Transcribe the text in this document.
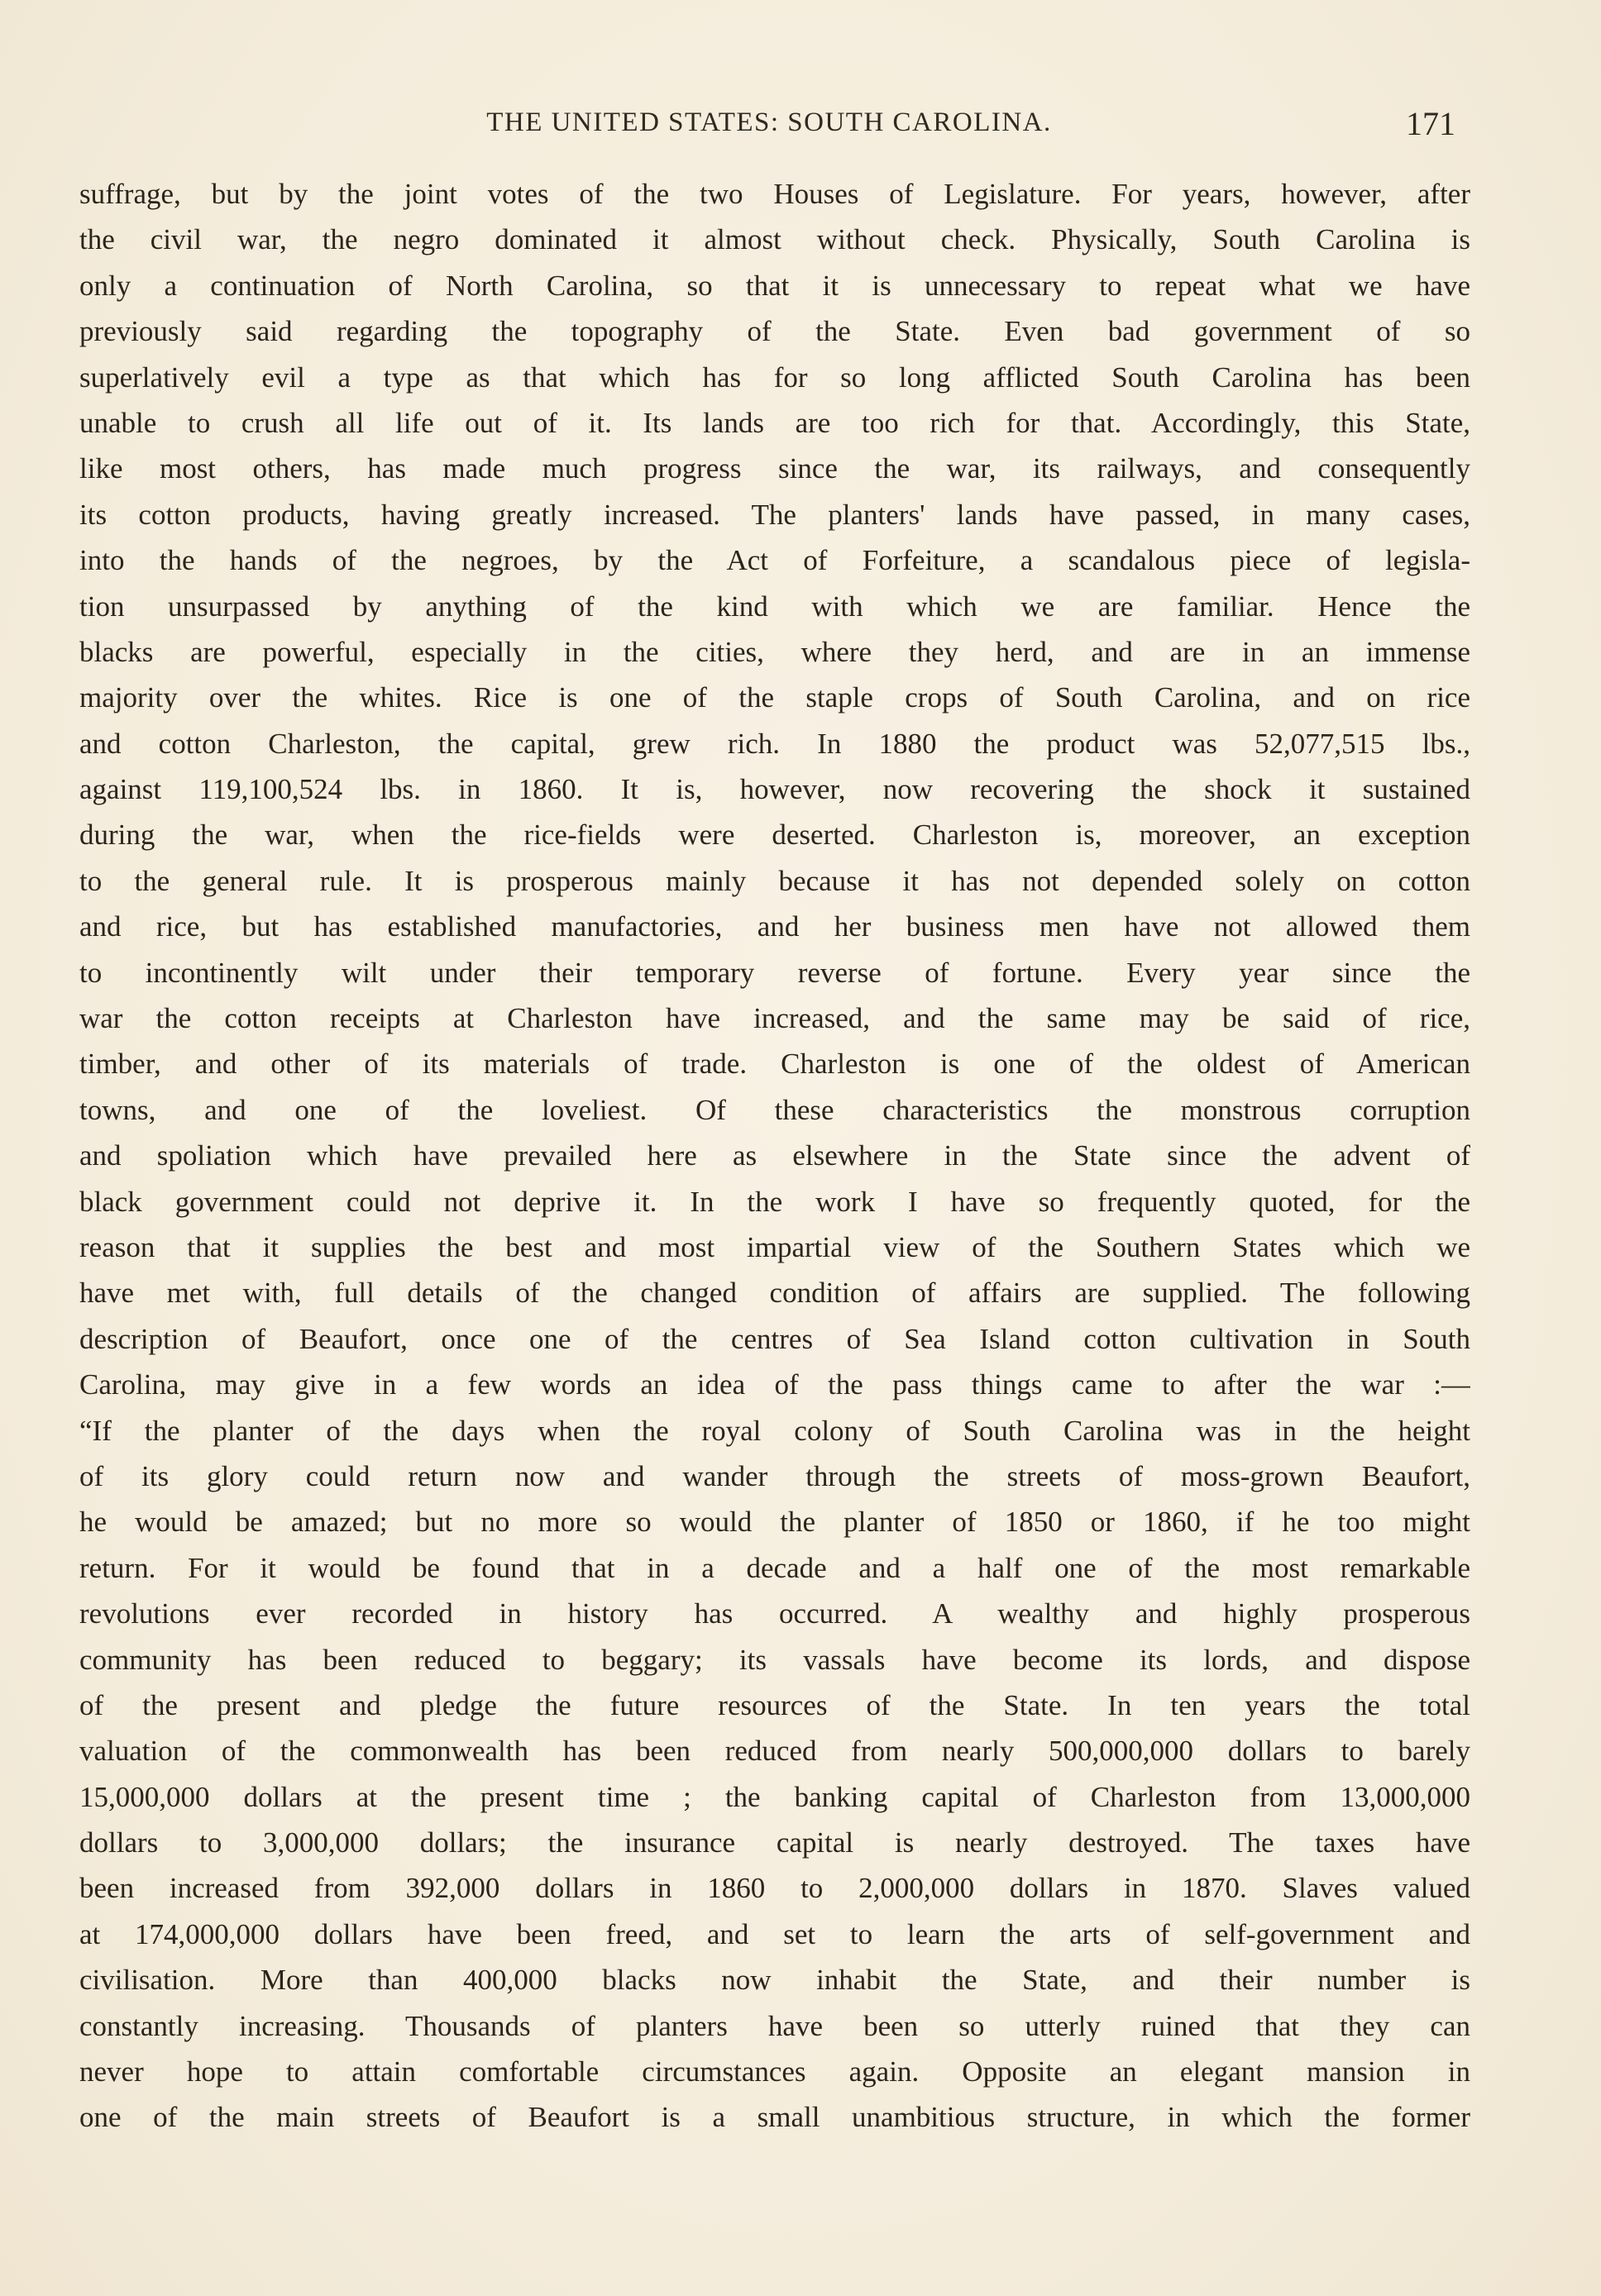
THE UNITED STATES: SOUTH CAROLINA.	171
suffrage, but by the joint votes of the two Houses of Legislature. For years, however, after
the civil war, the negro dominated it almost without check. Physically, South Carolina is
only a continuation of North Carolina, so that it is unnecessary to repeat what we have
previously said regarding the topography of the State. Even bad government of so
superlatively evil a type as that which has for so long afflicted South Carolina has been
unable to crush all life out of it. Its lands are too rich for that. Accordingly, this State,
like most others, has made much progress since the war, its railways, and consequently
its cotton products, having greatly increased. The planters' lands have passed, in many cases,
into the hands of the negroes, by the Act of Forfeiture, a scandalous piece of legisla-
tion unsurpassed by anything of the kind with which we are familiar. Hence the
blacks are powerful, especially in the cities, where they herd, and are in an immense
majority over the whites. Rice is one of the staple crops of South Carolina, and on rice
and cotton Charleston, the capital, grew rich. In 1880 the product was 52,077,515 lbs.,
against 119,100,524 lbs. in 1860. It is, however, now recovering the shock it sustained
during the war, when the rice-fields were deserted. Charleston is, moreover, an exception
to the general rule. It is prosperous mainly because it has not depended solely on cotton
and rice, but has established manufactories, and her business men have not allowed them
to incontinently wilt under their temporary reverse of fortune. Every year since the
war the cotton receipts at Charleston have increased, and the same may be said of rice,
timber, and other of its materials of trade. Charleston is one of the oldest of American
towns, and one of the loveliest. Of these characteristics the monstrous corruption
and spoliation which have prevailed here as elsewhere in the State since the advent of
black government could not deprive it. In the work I have so frequently quoted, for the
reason that it supplies the best and most impartial view of the Southern States which we
have met with, full details of the changed condition of affairs are supplied. The following
description of Beaufort, once one of the centres of Sea Island cotton cultivation in South
Carolina, may give in a few words an idea of the pass things came to after the war :—
“If the planter of the days when the royal colony of South Carolina was in the height
of its glory could return now and wander through the streets of moss-grown Beaufort,
he would be amazed; but no more so would the planter of 1850 or 1860, if he too might
return. For it would be found that in a decade and a half one of the most remarkable
revolutions ever recorded in history has occurred. A wealthy and highly prosperous
community has been reduced to beggary; its vassals have become its lords, and dispose
of the present and pledge the future resources of the State. In ten years the total
valuation of the commonwealth has been reduced from nearly 500,000,000 dollars to barely
15,000,000 dollars at the present time ; the banking capital of Charleston from 13,000,000
dollars to 3,000,000 dollars; the insurance capital is nearly destroyed. The taxes have
been increased from 392,000 dollars in 1860 to 2,000,000 dollars in 1870. Slaves valued
at 174,000,000 dollars have been freed, and set to learn the arts of self-government and
civilisation. More than 400,000 blacks now inhabit the State, and their number is
constantly increasing. Thousands of planters have been so utterly ruined that they can
never hope to attain comfortable circumstances again. Opposite an elegant mansion in
one of the main streets of Beaufort is a small unambitious structure, in which the former
